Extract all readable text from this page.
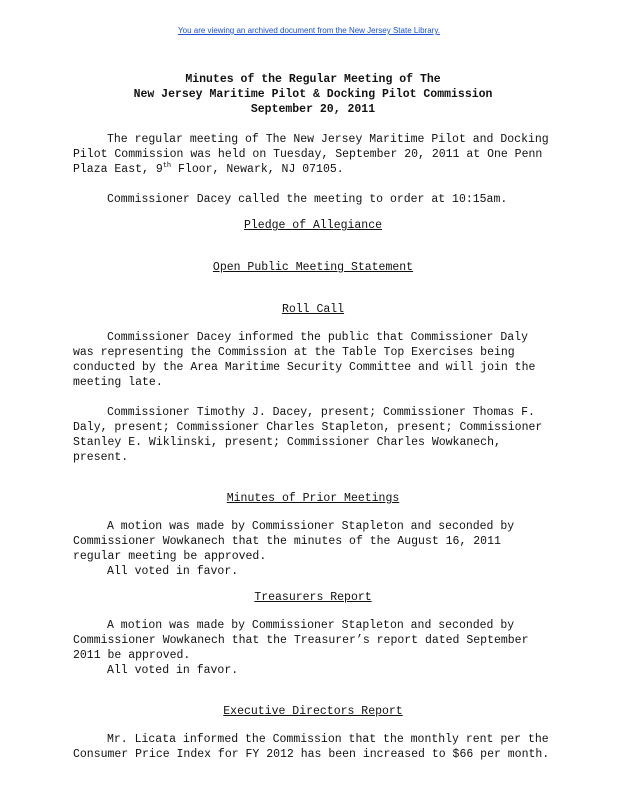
You are viewing an archived document from the New Jersey State Library.
Minutes of the Regular Meeting of The
New Jersey Maritime Pilot & Docking Pilot Commission
September 20, 2011

The regular meeting of The New Jersey Maritime Pilot and Docking Pilot Commission was held on Tuesday, September 20, 2011 at One Penn Plaza East, 9th Floor, Newark, NJ 07105.

Commissioner Dacey called the meeting to order at 10:15am.

Pledge of Allegiance
Open Public Meeting Statement
Roll Call

Commissioner Dacey informed the public that Commissioner Daly was representing the Commission at the Table Top Exercises being conducted by the Area Maritime Security Committee and will join the meeting late.

Commissioner Timothy J. Dacey, present; Commissioner Thomas F. Daly, present; Commissioner Charles Stapleton, present; Commissioner Stanley E. Wiklinski, present; Commissioner Charles Wowkanech, present.

Minutes of Prior Meetings

A motion was made by Commissioner Stapleton and seconded by Commissioner Wowkanech that the minutes of the August 16, 2011 regular meeting be approved.

All voted in favor.

Treasurers Report

A motion was made by Commissioner Stapleton and seconded by Commissioner Wowkanech that the Treasurer’s report dated September 2011 be approved.

All voted in favor.

Executive Directors Report

Mr. Licata informed the Commission that the monthly rent per the Consumer Price Index for FY 2012 has been increased to $66 per month.
